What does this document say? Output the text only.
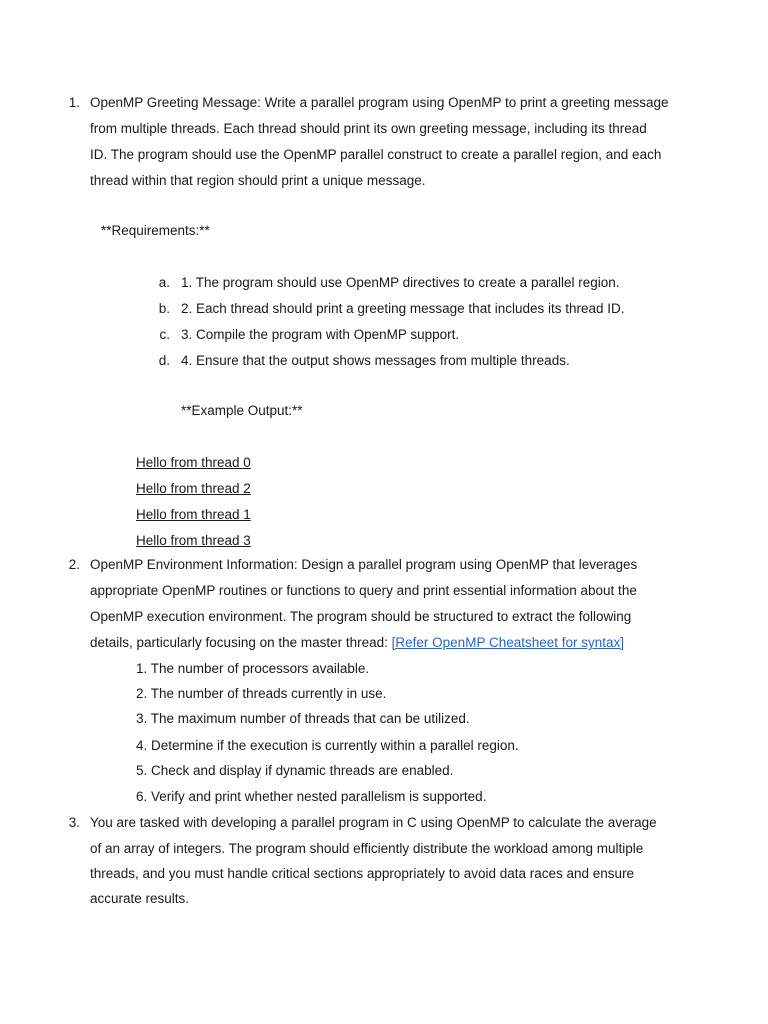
1. OpenMP Greeting Message: Write a parallel program using OpenMP to print a greeting message
from multiple threads. Each thread should print its own greeting message, including its thread
ID. The program should use the OpenMP parallel construct to create a parallel region, and each
thread within that region should print a unique message.
**Requirements:**
a. 1. The program should use OpenMP directives to create a parallel region.
b. 2. Each thread should print a greeting message that includes its thread ID.
c. 3. Compile the program with OpenMP support.
d. 4. Ensure that the output shows messages from multiple threads.
**Example Output:**
Hello from thread 0
Hello from thread 2
Hello from thread 1
Hello from thread 3
2. OpenMP Environment Information: Design a parallel program using OpenMP that leverages
appropriate OpenMP routines or functions to query and print essential information about the
OpenMP execution environment. The program should be structured to extract the following
details, particularly focusing on the master thread: [Refer OpenMP Cheatsheet for syntax]
1. The number of processors available.
2. The number of threads currently in use.
3. The maximum number of threads that can be utilized.
4. Determine if the execution is currently within a parallel region.
5. Check and display if dynamic threads are enabled.
6. Verify and print whether nested parallelism is supported.
3. You are tasked with developing a parallel program in C using OpenMP to calculate the average
of an array of integers. The program should efficiently distribute the workload among multiple
threads, and you must handle critical sections appropriately to avoid data races and ensure
accurate results.
